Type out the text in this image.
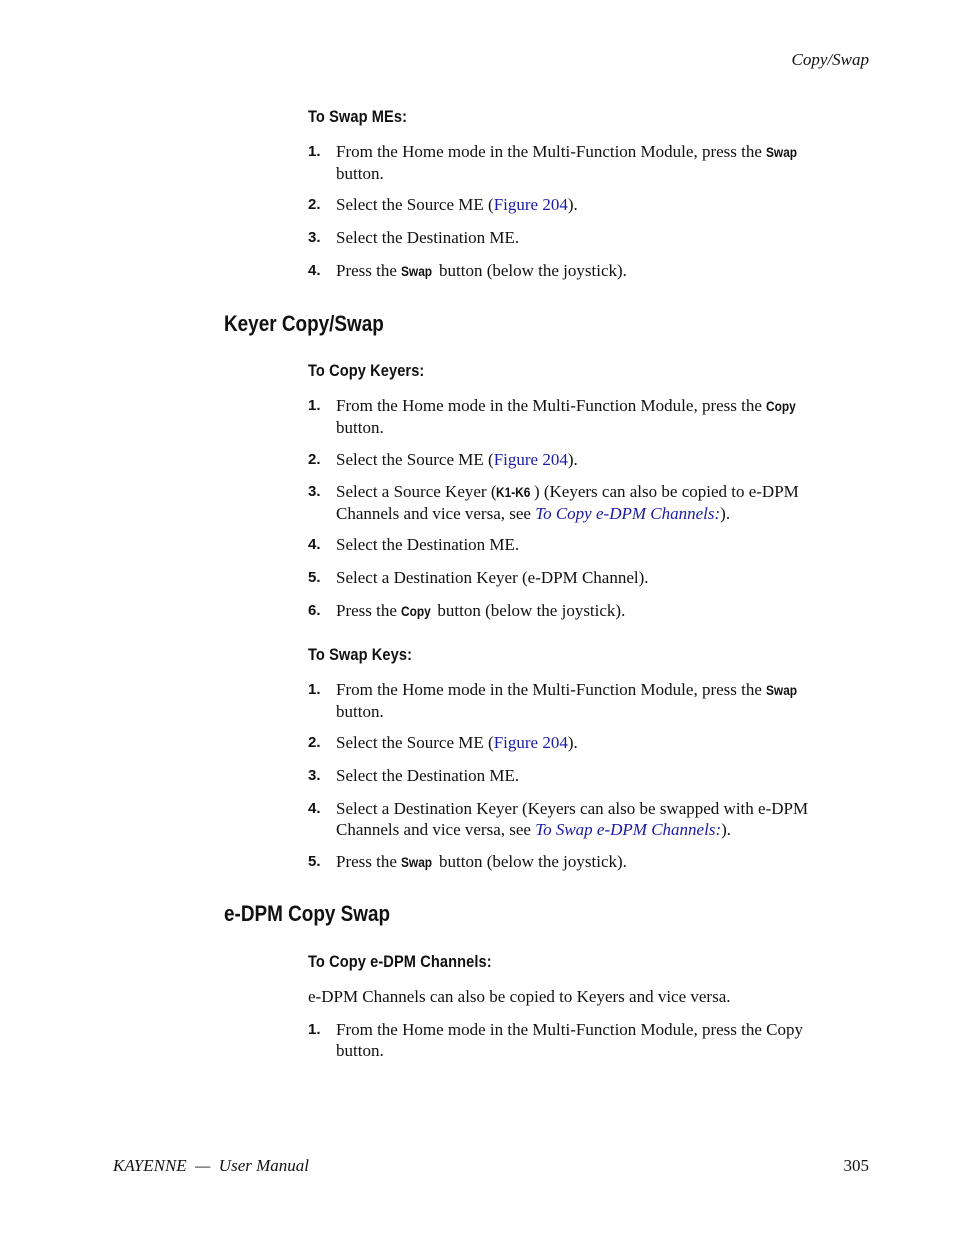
Copy/Swap
To Swap MEs:
1. From the Home mode in the Multi-Function Module, press the Swap
button.
2. Select the Source ME (Figure 204).
3. Select the Destination ME.
4. Press the Swap button (below the joystick).
Keyer Copy/Swap
To Copy Keyers:
1. From the Home mode in the Multi-Function Module, press the Copy
button.
2. Select the Source ME (Figure 204).
3. Select a Source Keyer (K1-K6 ) (Keyers can also be copied to e-DPM
Channels and vice versa, see To Copy e-DPM Channels:).
4. Select the Destination ME.
5. Select a Destination Keyer (e-DPM Channel).
6. Press the Copy button (below the joystick).
To Swap Keys:
1. From the Home mode in the Multi-Function Module, press the Swap
button.
2. Select the Source ME (Figure 204).
3. Select the Destination ME.
4. Select a Destination Keyer (Keyers can also be swapped with e-DPM
Channels and vice versa, see To Swap e-DPM Channels:).
5. Press the Swap button (below the joystick).
e-DPM Copy Swap
To Copy e-DPM Channels:
e-DPM Channels can also be copied to Keyers and vice versa.
1. From the Home mode in the Multi-Function Module, press the Copy
button.
KAYENNE  —  User Manual	305
